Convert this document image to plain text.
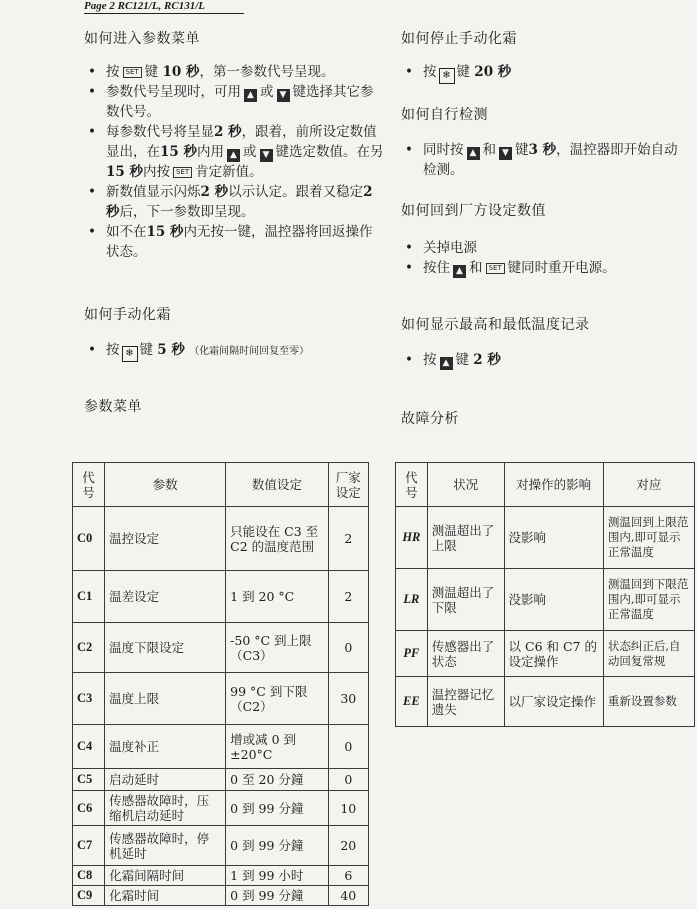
Page 2 RC121/L, RC131/L
如何进入参数菜单
• 按 SET 键 10 秒，第一参数代号呈现。
• 参数代号呈现时，可用 ▲ 或 ▼ 键选择其它参数代号。
• 每参数代号将呈显2 秒，跟着，前所设定数值显出，在15 秒内用 ▲ 或 ▼ 键选定数值。在另15 秒内按 SET 肯定新值。
• 新数值显示闪烁2 秒以示认定。跟着又稳定2 秒后，下一参数即呈现。
• 如不在15 秒内无按一键，温控器将回返操作状态。
如何手动化霜
• 按 ❄ 键 5 秒 （化霜间隔时间回复至零）
参数菜单
如何停止手动化霜
• 按 ❄ 键 20 秒
如何自行检测
• 同时按 ▲ 和 ▼ 键3 秒，温控器即开始自动检测。
如何回到厂方设定数值
• 关掉电源
• 按住 ▲ 和 SET 键同时重开电源。
如何显示最高和最低温度记录
• 按 ▲ 键 2 秒
故障分析
代号	参数	数值设定	厂家设定
C0	温控设定	只能设在 C3 至 C2 的温度范围	2
C1	温差设定	1 到 20 °C	2
C2	温度下限设定	-50 °C 到上限（C3）	0
C3	温度上限	99 °C 到下限（C2）	30
C4	温度补正	增或减 0 到 ±20°C	0
C5	启动延时	0 至 20 分鐘	0
C6	传感器故障时，压缩机启动延时	0 到 99 分鐘	10
C7	传感器故障时，停机延时	0 到 99 分鐘	20
C8	化霜间隔时间	1 到 99 小时	6
C9	化霜时间	0 到 99 分鐘	40
代号	状况	对操作的影响	对应
HR	测温超出了上限	没影响	测温回到上限范围内,即可显示正常温度
LR	测温超出了下限	没影响	测温回到下限范围内,即可显示正常温度
PF	传感器出了状态	以 C6 和 C7 的设定操作	状态纠正后,自动回复常规
EE	温控器记忆遗失	以厂家设定操作	重新设置参数
